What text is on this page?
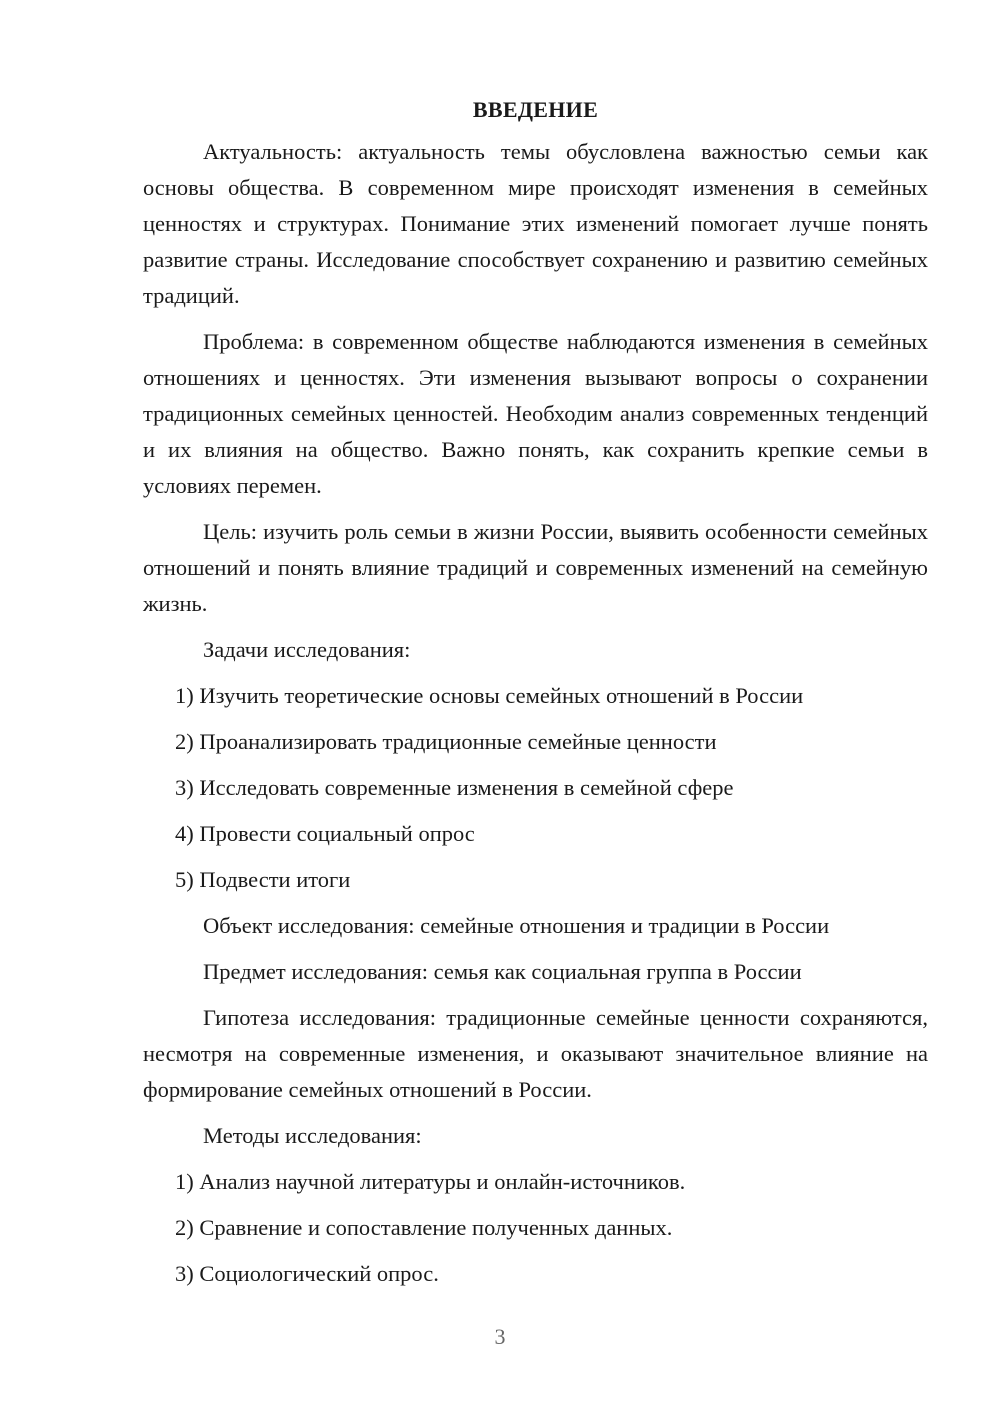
ВВЕДЕНИЕ

Актуальность: актуальность темы обусловлена важностью семьи как основы общества. В современном мире происходят изменения в семейных ценностях и структурах. Понимание этих изменений помогает лучше понять развитие страны. Исследование способствует сохранению и развитию семейных традиций.

Проблема: в современном обществе наблюдаются изменения в семейных отношениях и ценностях. Эти изменения вызывают вопросы о сохранении традиционных семейных ценностей. Необходим анализ современных тенденций и их влияния на общество. Важно понять, как сохранить крепкие семьи в условиях перемен.

Цель: изучить роль семьи в жизни России, выявить особенности семейных отношений и понять влияние традиций и современных изменений на семейную жизнь.

Задачи исследования:
1) Изучить теоретические основы семейных отношений в России
2) Проанализировать традиционные семейные ценности
3) Исследовать современные изменения в семейной сфере
4) Провести социальный опрос
5) Подвести итоги
Объект исследования: семейные отношения и традиции в России
Предмет исследования: семья как социальная группа в России

Гипотеза исследования: традиционные семейные ценности сохраняются, несмотря на современные изменения, и оказывают значительное влияние на формирование семейных отношений в России.

Методы исследования:
1) Анализ научной литературы и онлайн-источников.
2) Сравнение и сопоставление полученных данных.
3) Социологический опрос.
3
